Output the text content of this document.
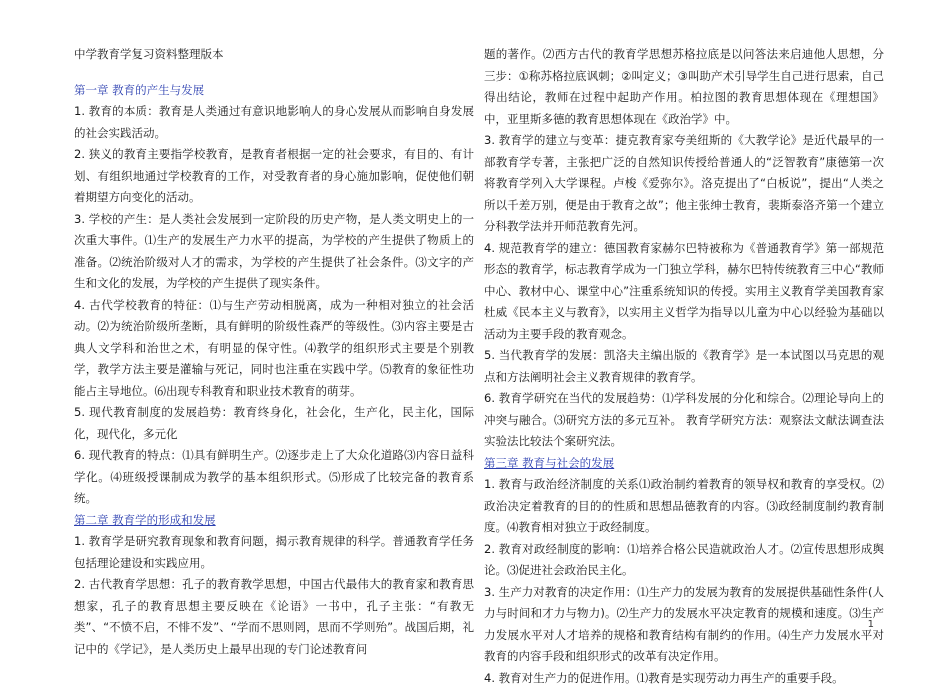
中学教育学复习资料整理版本

第一章 教育的产生与发展

1. 教育的本质：教育是人类通过有意识地影响人的身心发展从而影响自身发展的社会实践活动。

2. 狭义的教育主要指学校教育，是教育者根据一定的社会要求，有目的、有计划、有组织地通过学校教育的工作，对受教育者的身心施加影响，促使他们朝着期望方向变化的活动。

3. 学校的产生：是人类社会发展到一定阶段的历史产物，是人类文明史上的一次重大事件。⑴生产的发展生产力水平的提高，为学校的产生提供了物质上的准备。⑵统治阶级对人才的需求，为学校的产生提供了社会条件。⑶文字的产生和文化的发展，为学校的产生提供了现实条件。

4. 古代学校教育的特征：⑴与生产劳动相脱离，成为一种相对独立的社会活动。⑵为统治阶级所垄断，具有鲜明的阶级性森严的等级性。⑶内容主要是古典人文学科和治世之术，有明显的保守性。⑷教学的组织形式主要是个别教学，教学方法主要是灌输与死记，同时也注重在实践中学。⑸教育的象征性功能占主导地位。⑹出现专科教育和职业技术教育的萌芽。

5. 现代教育制度的发展趋势：教育终身化，社会化，生产化，民主化，国际化，现代化，多元化

6. 现代教育的特点：⑴具有鲜明生产。⑵逐步走上了大众化道路⑶内容日益科学化。⑷班级授课制成为教学的基本组织形式。⑸形成了比较完备的教育系统。

第二章 教育学的形成和发展

1. 教育学是研究教育现象和教育问题，揭示教育规律的科学。普通教育学任务包括理论建设和实践应用。

2. 古代教育学思想：孔子的教育教学思想，中国古代最伟大的教育家和教育思想家，孔子的教育思想主要反映在《论语》一书中，孔子主张：“有教无类”、“不愤不启，不悱不发”、“学而不思则罔，思而不学则殆”。战国后期，礼记中的《学记》，是人类历史上最早出现的专门论述教育问

题的著作。⑵西方古代的教育学思想苏格拉底是以问答法来启迪他人思想，分三步：①称苏格拉底讽刺；②叫定义；③叫助产术引导学生自己进行思索，自己得出结论，教师在过程中起助产作用。柏拉图的教育思想体现在《理想国》中，亚里斯多德的教育思想体现在《政治学》中。

3. 教育学的建立与变革：捷克教育家夸美纽斯的《大教学论》是近代最早的一部教育学专著，主张把广泛的自然知识传授给普通人的“泛智教育”康德第一次将教育学列入大学课程。卢梭《爱弥尔》。洛克提出了“白板说”，提出“人类之所以千差万别，便是由于教育之故”；他主张绅士教育，裴斯泰洛齐第一个建立分科教学法并开师范教育先河。

4. 规范教育学的建立：德国教育家赫尔巴特被称为《普通教育学》第一部规范形态的教育学，标志教育学成为一门独立学科，赫尔巴特传统教育三中心“教师中心、教材中心、课堂中心”注重系统知识的传授。实用主义教育学美国教育家杜威《民本主义与教育》，以实用主义哲学为指导以儿童为中心以经验为基础以活动为主要手段的教育观念。

5. 当代教育学的发展：凯洛夫主编出版的《教育学》是一本试图以马克思的观点和方法阐明社会主义教育规律的教育学。

6. 教育学研究在当代的发展趋势：⑴学科发展的分化和综合。⑵理论导向上的冲突与融合。⑶研究方法的多元互补。 教育学研究方法：观察法文献法调查法实验法比较法个案研究法。

第三章 教育与社会的发展

1. 教育与政治经济制度的关系⑴政治制约着教育的领导权和教育的享受权。⑵政治决定着教育的目的的性质和思想品德教育的内容。⑶政经制度制约教育制度。⑷教育相对独立于政经制度。

2. 教育对政经制度的影响：⑴培养合格公民造就政治人才。⑵宣传思想形成舆论。⑶促进社会政治民主化。

3. 生产力对教育的决定作用：⑴生产力的发展为教育的发展提供基础性条件(人力与时间和才力与物力)。⑵生产力的发展水平决定教育的规模和速度。⑶生产力发展水平对人才培养的规格和教育结构有制约的作用。⑷生产力发展水平对教育的内容手段和组织形式的改革有决定作用。

4. 教育对生产力的促进作用。⑴教育是实现劳动力再生产的重要手段。

1
